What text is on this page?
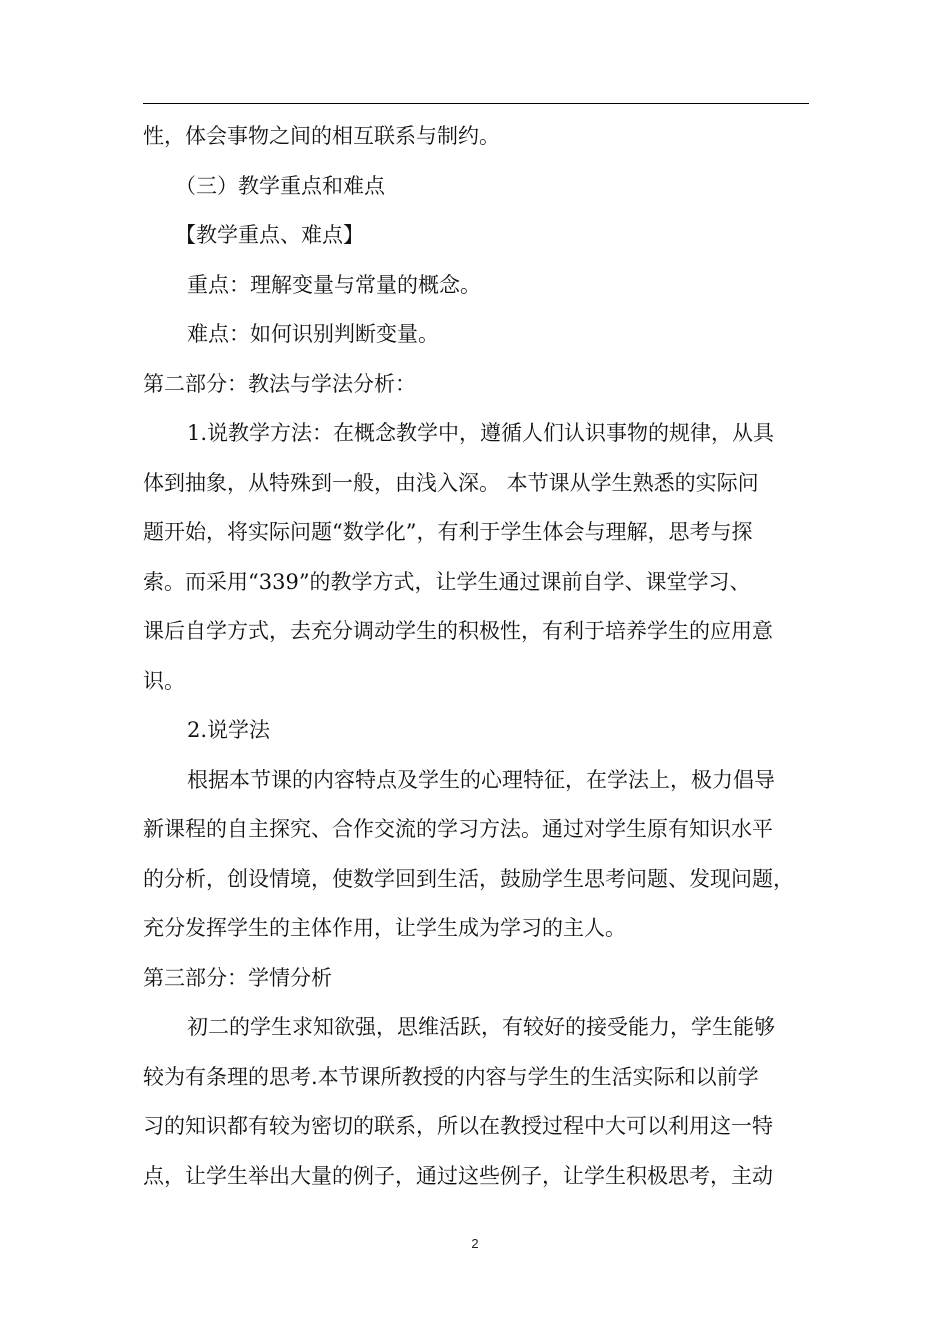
性，体会事物之间的相互联系与制约。
（三）教学重点和难点
【教学重点、难点】
重点：理解变量与常量的概念。
难点：如何识别判断变量。
第二部分：教法与学法分析：
1.说教学方法：在概念教学中，遵循人们认识事物的规律，从具
体到抽象，从特殊到一般，由浅入深。 本节课从学生熟悉的实际问
题开始，将实际问题“数学化”，有利于学生体会与理解，思考与探
索。而采用“339”的教学方式，让学生通过课前自学、课堂学习、
课后自学方式，去充分调动学生的积极性，有利于培养学生的应用意
识。
2.说学法
根据本节课的内容特点及学生的心理特征，在学法上，极力倡导
新课程的自主探究、合作交流的学习方法。通过对学生原有知识水平
的分析，创设情境，使数学回到生活，鼓励学生思考问题、发现问题，
充分发挥学生的主体作用，让学生成为学习的主人。
第三部分：学情分析
初二的学生求知欲强，思维活跃，有较好的接受能力，学生能够
较为有条理的思考.本节课所教授的内容与学生的生活实际和以前学
习的知识都有较为密切的联系，所以在教授过程中大可以利用这一特
点，让学生举出大量的例子，通过这些例子，让学生积极思考，主动
2
